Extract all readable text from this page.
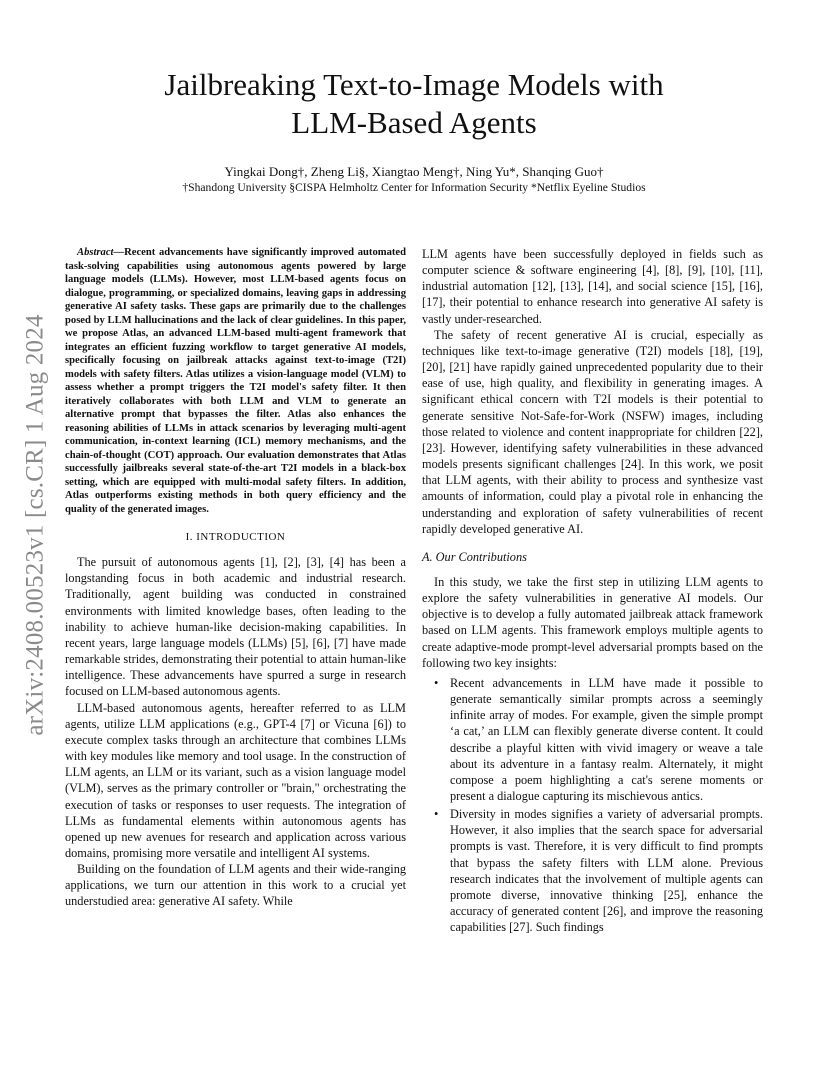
arXiv:2408.00523v1 [cs.CR] 1 Aug 2024
Jailbreaking Text-to-Image Models with
LLM-Based Agents
Yingkai Dong†, Zheng Li§, Xiangtao Meng†, Ning Yu*, Shanqing Guo†
†Shandong University §CISPA Helmholtz Center for Information Security *Netflix Eyeline Studios

Abstract—Recent advancements have significantly improved automated task-solving capabilities using autonomous agents powered by large language models (LLMs). However, most LLM-based agents focus on dialogue, programming, or specialized domains, leaving gaps in addressing generative AI safety tasks. These gaps are primarily due to the challenges posed by LLM hallucinations and the lack of clear guidelines. In this paper, we propose Atlas, an advanced LLM-based multi-agent framework that integrates an efficient fuzzing workflow to target generative AI models, specifically focusing on jailbreak attacks against text-to-image (T2I) models with safety filters. Atlas utilizes a vision-language model (VLM) to assess whether a prompt triggers the T2I model's safety filter. It then iteratively collaborates with both LLM and VLM to generate an alternative prompt that bypasses the filter. Atlas also enhances the reasoning abilities of LLMs in attack scenarios by leveraging multi-agent communication, in-context learning (ICL) memory mechanisms, and the chain-of-thought (COT) approach. Our evaluation demonstrates that Atlas successfully jailbreaks several state-of-the-art T2I models in a black-box setting, which are equipped with multi-modal safety filters. In addition, Atlas outperforms existing methods in both query efficiency and the quality of the generated images.

I. INTRODUCTION

The pursuit of autonomous agents [1], [2], [3], [4] has been a longstanding focus in both academic and industrial research. Traditionally, agent building was conducted in constrained environments with limited knowledge bases, often leading to the inability to achieve human-like decision-making capabilities. In recent years, large language models (LLMs) [5], [6], [7] have made remarkable strides, demonstrating their potential to attain human-like intelligence. These advancements have spurred a surge in research focused on LLM-based autonomous agents.

LLM-based autonomous agents, hereafter referred to as LLM agents, utilize LLM applications (e.g., GPT-4 [7] or Vicuna [6]) to execute complex tasks through an architecture that combines LLMs with key modules like memory and tool usage. In the construction of LLM agents, an LLM or its variant, such as a vision language model (VLM), serves as the primary controller or "brain," orchestrating the execution of tasks or responses to user requests. The integration of LLMs as fundamental elements within autonomous agents has opened up new avenues for research and application across various domains, promising more versatile and intelligent AI systems.

Building on the foundation of LLM agents and their wide-ranging applications, we turn our attention in this work to a crucial yet understudied area: generative AI safety. While

LLM agents have been successfully deployed in fields such as computer science & software engineering [4], [8], [9], [10], [11], industrial automation [12], [13], [14], and social science [15], [16], [17], their potential to enhance research into generative AI safety is vastly under-researched.

The safety of recent generative AI is crucial, especially as techniques like text-to-image generative (T2I) models [18], [19], [20], [21] have rapidly gained unprecedented popularity due to their ease of use, high quality, and flexibility in generating images. A significant ethical concern with T2I models is their potential to generate sensitive Not-Safe-for-Work (NSFW) images, including those related to violence and content inappropriate for children [22], [23]. However, identifying safety vulnerabilities in these advanced models presents significant challenges [24]. In this work, we posit that LLM agents, with their ability to process and synthesize vast amounts of information, could play a pivotal role in enhancing the understanding and exploration of safety vulnerabilities of recent rapidly developed generative AI.

A. Our Contributions

In this study, we take the first step in utilizing LLM agents to explore the safety vulnerabilities in generative AI models. Our objective is to develop a fully automated jailbreak attack framework based on LLM agents. This framework employs multiple agents to create adaptive-mode prompt-level adversarial prompts based on the following two key insights:

• Recent advancements in LLM have made it possible to generate semantically similar prompts across a seemingly infinite array of modes. For example, given the simple prompt ‘a cat,’ an LLM can flexibly generate diverse content. It could describe a playful kitten with vivid imagery or weave a tale about its adventure in a fantasy realm. Alternately, it might compose a poem highlighting a cat's serene moments or present a dialogue capturing its mischievous antics.
• Diversity in modes signifies a variety of adversarial prompts. However, it also implies that the search space for adversarial prompts is vast. Therefore, it is very difficult to find prompts that bypass the safety filters with LLM alone. Previous research indicates that the involvement of multiple agents can promote diverse, innovative thinking [25], enhance the accuracy of generated content [26], and improve the reasoning capabilities [27]. Such findings
